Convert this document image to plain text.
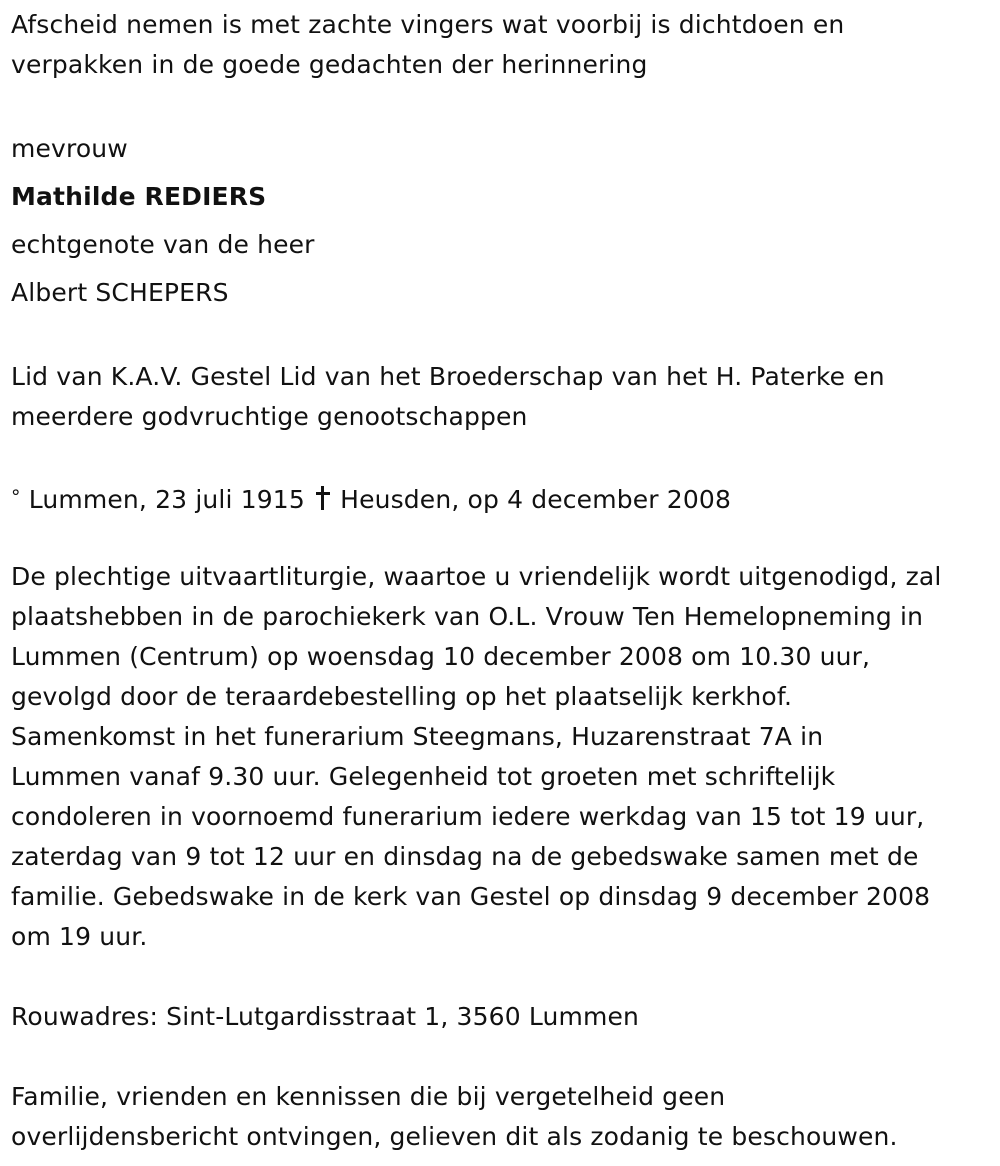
Afscheid nemen is met zachte vingers wat voorbij is dichtdoen en
verpakken in de goede gedachten der herinnering
mevrouw
Mathilde REDIERS
echtgenote van de heer
Albert SCHEPERS
Lid van K.A.V. Gestel Lid van het Broederschap van het H. Paterke en
meerdere godvruchtige genootschappen
° Lummen, 23 juli 1915  Heusden, op 4 december 2008
De plechtige uitvaartliturgie, waartoe u vriendelijk wordt uitgenodigd, zal
plaatshebben in de parochiekerk van O.L. Vrouw Ten Hemelopneming in
Lummen (Centrum) op woensdag 10 december 2008 om 10.30 uur,
gevolgd door de teraardebestelling op het plaatselijk kerkhof.
Samenkomst in het funerarium Steegmans, Huzarenstraat 7A in
Lummen vanaf 9.30 uur. Gelegenheid tot groeten met schriftelijk
condoleren in voornoemd funerarium iedere werkdag van 15 tot 19 uur,
zaterdag van 9 tot 12 uur en dinsdag na de gebedswake samen met de
familie. Gebedswake in de kerk van Gestel op dinsdag 9 december 2008
om 19 uur.
Rouwadres: Sint-Lutgardisstraat 1, 3560 Lummen
Familie, vrienden en kennissen die bij vergetelheid geen
overlijdensbericht ontvingen, gelieven dit als zodanig te beschouwen.
